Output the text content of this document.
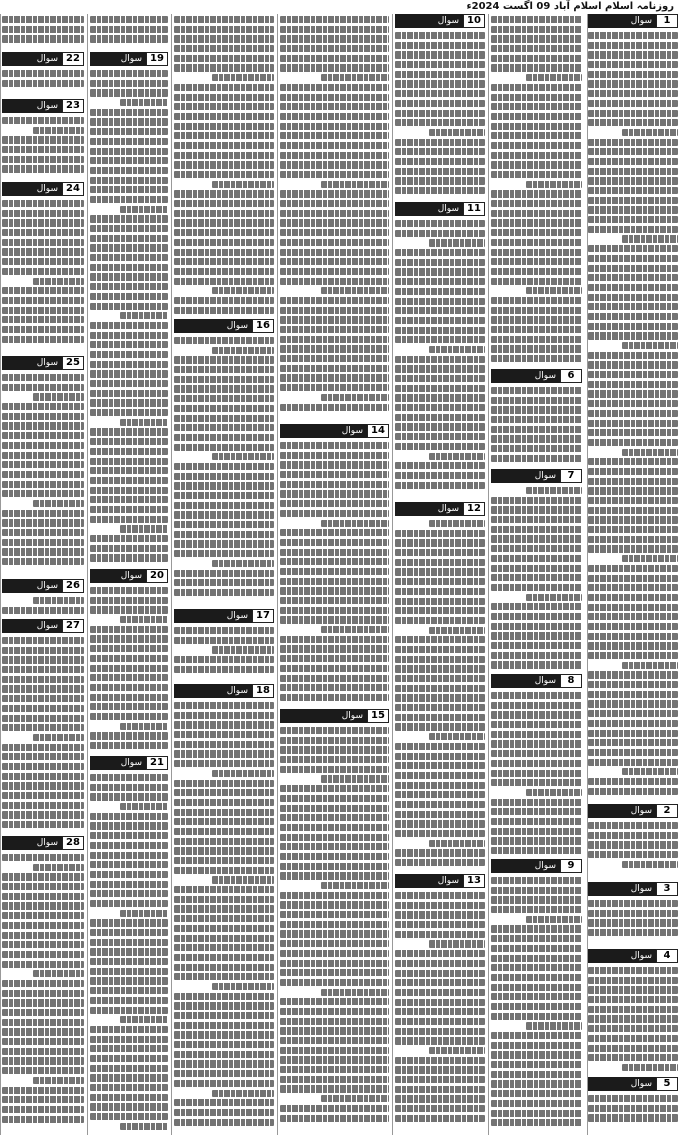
روزنامہ اسلام اسلام آباد 09 اگست 2024ء
1
سوال
2
سوال
3
سوال
4
سوال
5
سوال
6
سوال
7
سوال
8
سوال
9
سوال
10
سوال
11
سوال
12
سوال
13
سوال
14
سوال
15
سوال
16
سوال
17
سوال
18
سوال
19
سوال
20
سوال
21
سوال
22
سوال
23
سوال
24
سوال
25
سوال
26
سوال
27
سوال
28
سوال
